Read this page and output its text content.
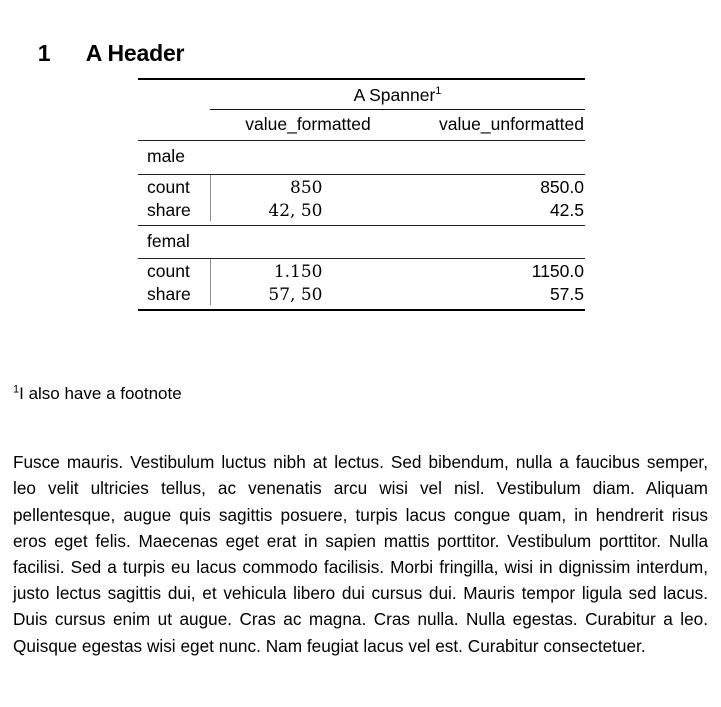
1 A Header

	A Spanner$^1$

	value_formatted	value_unformatted

male		

count	850	850.0
share	42, 50	42.5

femal		

count	1.150	1150.0
share	57, 50	57.5

$^1$I also have a footnote

Fusce mauris. Vestibulum luctus nibh at lectus. Sed bibendum, nulla a faucibus semper, leo velit ultricies tellus, ac venenatis arcu wisi vel nisl. Vestibulum diam. Aliquam pellentesque, augue quis sagittis posuere, turpis lacus congue quam, in hendrerit risus eros eget felis. Maecenas eget erat in sapien mattis porttitor. Vestibulum porttitor. Nulla facilisi. Sed a turpis eu lacus commodo facilisis. Morbi fringilla, wisi in dignissim interdum, justo lectus sagittis dui, et vehicula libero dui cursus dui. Mauris tempor ligula sed lacus. Duis cursus enim ut augue. Cras ac magna. Cras nulla. Nulla egestas. Curabitur a leo. Quisque egestas wisi eget nunc. Nam feugiat lacus vel est. Curabitur consectetuer.
